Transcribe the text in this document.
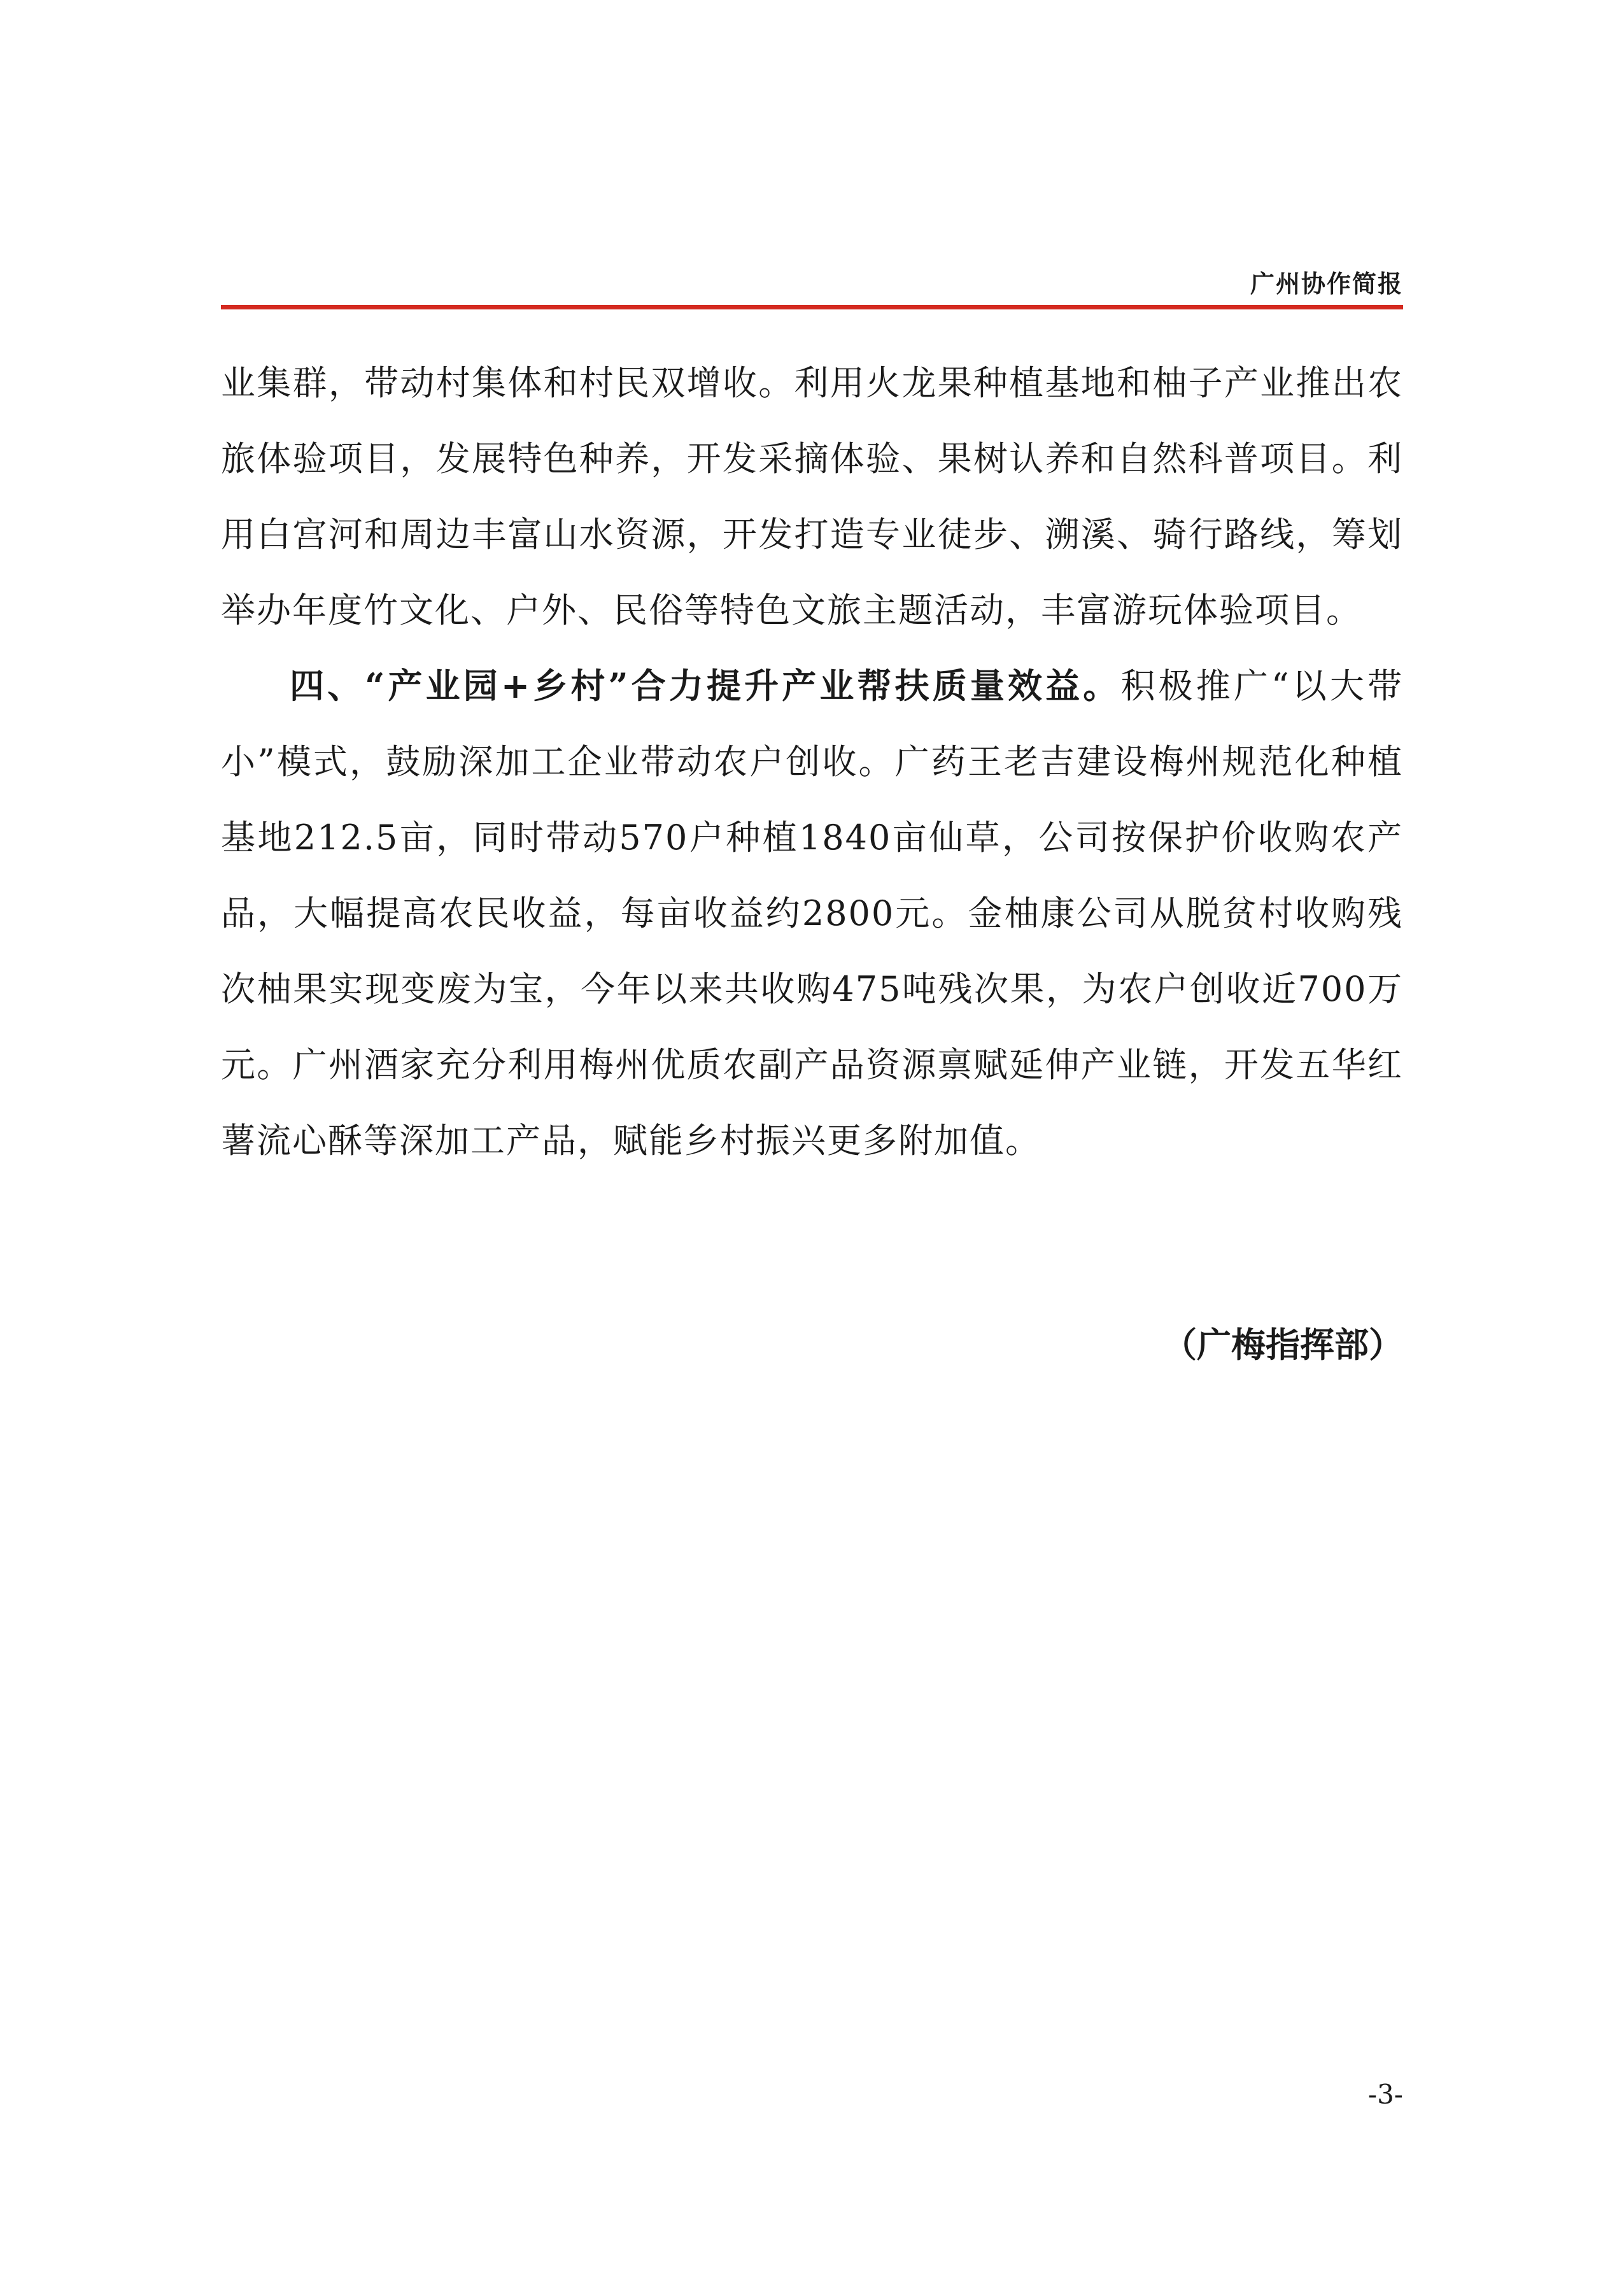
广州协作简报

业集群，带动村集体和村民双增收。利用火龙果种植基地和柚子产业推出农旅体验项目，发展特色种养，开发采摘体验、果树认养和自然科普项目。利用白宫河和周边丰富山水资源，开发打造专业徒步、溯溪、骑行路线，筹划举办年度竹文化、户外、民俗等特色文旅主题活动，丰富游玩体验项目。

四、“产业园+乡村”合力提升产业帮扶质量效益。积极推广“以大带小”模式，鼓励深加工企业带动农户创收。广药王老吉建设梅州规范化种植基地212.5亩，同时带动570户种植1840亩仙草，公司按保护价收购农产品，大幅提高农民收益，每亩收益约2800元。金柚康公司从脱贫村收购残次柚果实现变废为宝，今年以来共收购475吨残次果，为农户创收近700万元。广州酒家充分利用梅州优质农副产品资源禀赋延伸产业链，开发五华红薯流心酥等深加工产品，赋能乡村振兴更多附加值。

（广梅指挥部）
-3-
